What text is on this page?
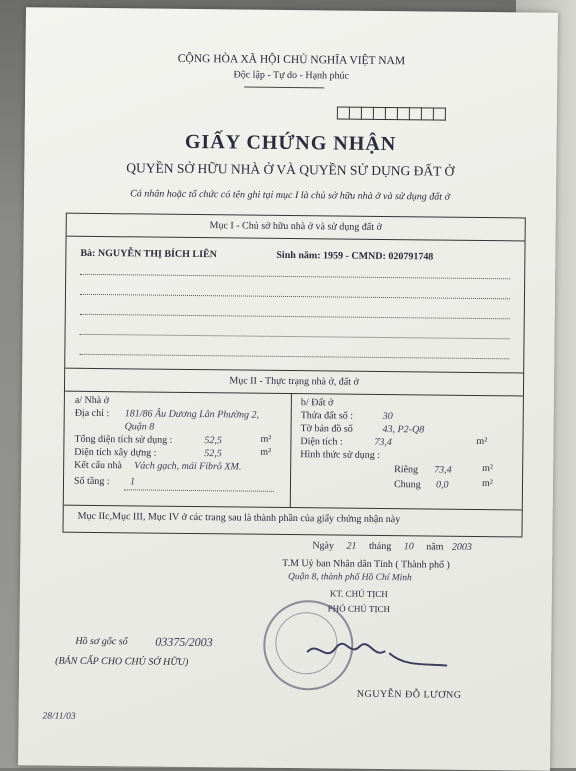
CỘNG HÒA XÃ HỘI CHỦ NGHĨA VIỆT NAM
Độc lập - Tự do - Hạnh phúc
GIẤY CHỨNG NHẬN
QUYỀN SỞ HỮU NHÀ Ở VÀ QUYỀN SỬ DỤNG ĐẤT Ở
Cá nhân hoặc tổ chức có tên ghi tại mục I là chủ sở hữu nhà ở và sử dụng đất ở
Mục I - Chủ sở hữu nhà ở và sử dụng đất ở
Bà: NGUYỄN THỊ BÍCH LIÊN	Sinh năm: 1959 - CMND: 020791748
Mục II - Thực trạng nhà ở, đất ở
a/ Nhà ở
Địa chỉ : 181/86 Âu Dương Lân Phường 2,
Quận 8
Tổng diện tích sử dụng :	52,5	m²
Diện tích xây dựng :	52,5	m²
Kết cấu nhà Vách gạch, mái Fibrô XM.
Số tầng : 1
b/ Đất ở
Thửa đất số :	30
Tờ bản đồ số	43, P2-Q8
Diện tích :	73,4	m²
Hình thức sử dụng :
Riêng 73,4	m²
Chung 0,0	m²
Mục IIc,Mục III, Mục IV ở các trang sau là thành phần của giấy chứng nhận này
Ngày 21 tháng 10 năm 2003
T.M Uỷ ban Nhân dân Tỉnh ( Thành phố )
Quận 8, thành phố Hồ Chí Minh
KT. CHỦ TỊCH
PHÓ CHỦ TỊCH
NGUYỄN ĐỖ LƯƠNG
Hồ sơ gốc số 03375/2003
(BẢN CẤP CHO CHỦ SỞ HỮU)
28/11/03
